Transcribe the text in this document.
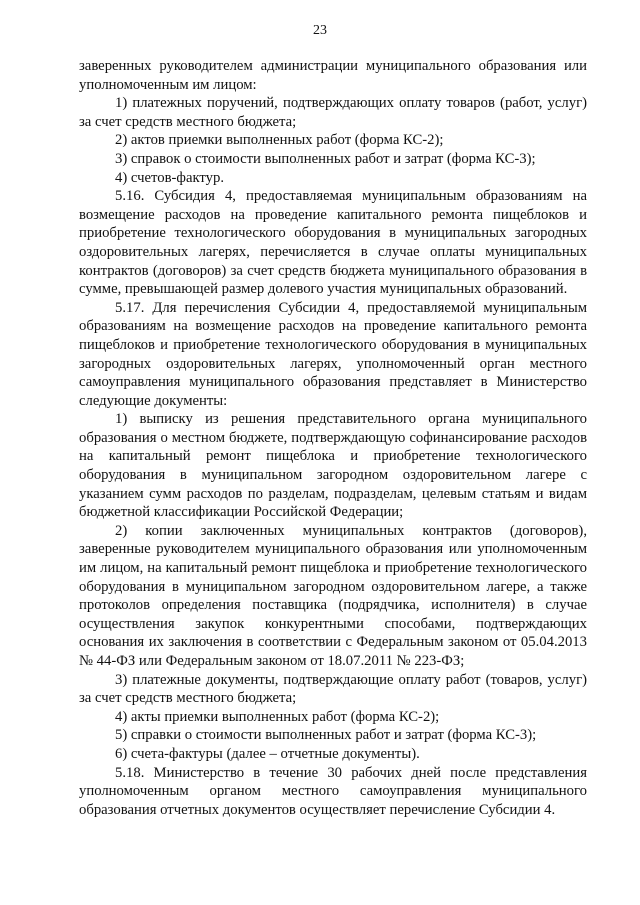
23

заверенных руководителем администрации муниципального образования или уполномоченным им лицом:

1) платежных поручений, подтверждающих оплату товаров (работ, услуг) за счет средств местного бюджета;

2) актов приемки выполненных работ (форма КС-2);

3) справок о стоимости выполненных работ и затрат (форма КС-3);

4) счетов-фактур.

5.16. Субсидия 4, предоставляемая муниципальным образованиям на возмещение расходов на проведение капитального ремонта пищеблоков и приобретение технологического оборудования в муниципальных загородных оздоровительных лагерях, перечисляется в случае оплаты муниципальных контрактов (договоров) за счет средств бюджета муниципального образования в сумме, превышающей размер долевого участия муниципальных образований.

5.17. Для перечисления Субсидии 4, предоставляемой муниципальным образованиям на возмещение расходов на проведение капитального ремонта пищеблоков и приобретение технологического оборудования в муниципальных загородных оздоровительных лагерях, уполномоченный орган местного самоуправления муниципального образования представляет в Министерство следующие документы:

1) выписку из решения представительного органа муниципального образования о местном бюджете, подтверждающую софинансирование расходов на капитальный ремонт пищеблока и приобретение технологического оборудования в муниципальном загородном оздоровительном лагере с указанием сумм расходов по разделам, подразделам, целевым статьям и видам бюджетной классификации Российской Федерации;

2) копии заключенных муниципальных контрактов (договоров), заверенные руководителем муниципального образования или уполномоченным им лицом, на капитальный ремонт пищеблока и приобретение технологического оборудования в муниципальном загородном оздоровительном лагере, а также протоколов определения поставщика (подрядчика, исполнителя) в случае осуществления закупок конкурентными способами, подтверждающих основания их заключения в соответствии с Федеральным законом от 05.04.2013 № 44-ФЗ или Федеральным законом от 18.07.2011 № 223-ФЗ;

3) платежные документы, подтверждающие оплату работ (товаров, услуг) за счет средств местного бюджета;

4) акты приемки выполненных работ (форма КС-2);

5) справки о стоимости выполненных работ и затрат (форма КС-3);

6) счета-фактуры (далее – отчетные документы).

5.18. Министерство в течение 30 рабочих дней после представления уполномоченным органом местного самоуправления муниципального образования отчетных документов осуществляет перечисление Субсидии 4.
